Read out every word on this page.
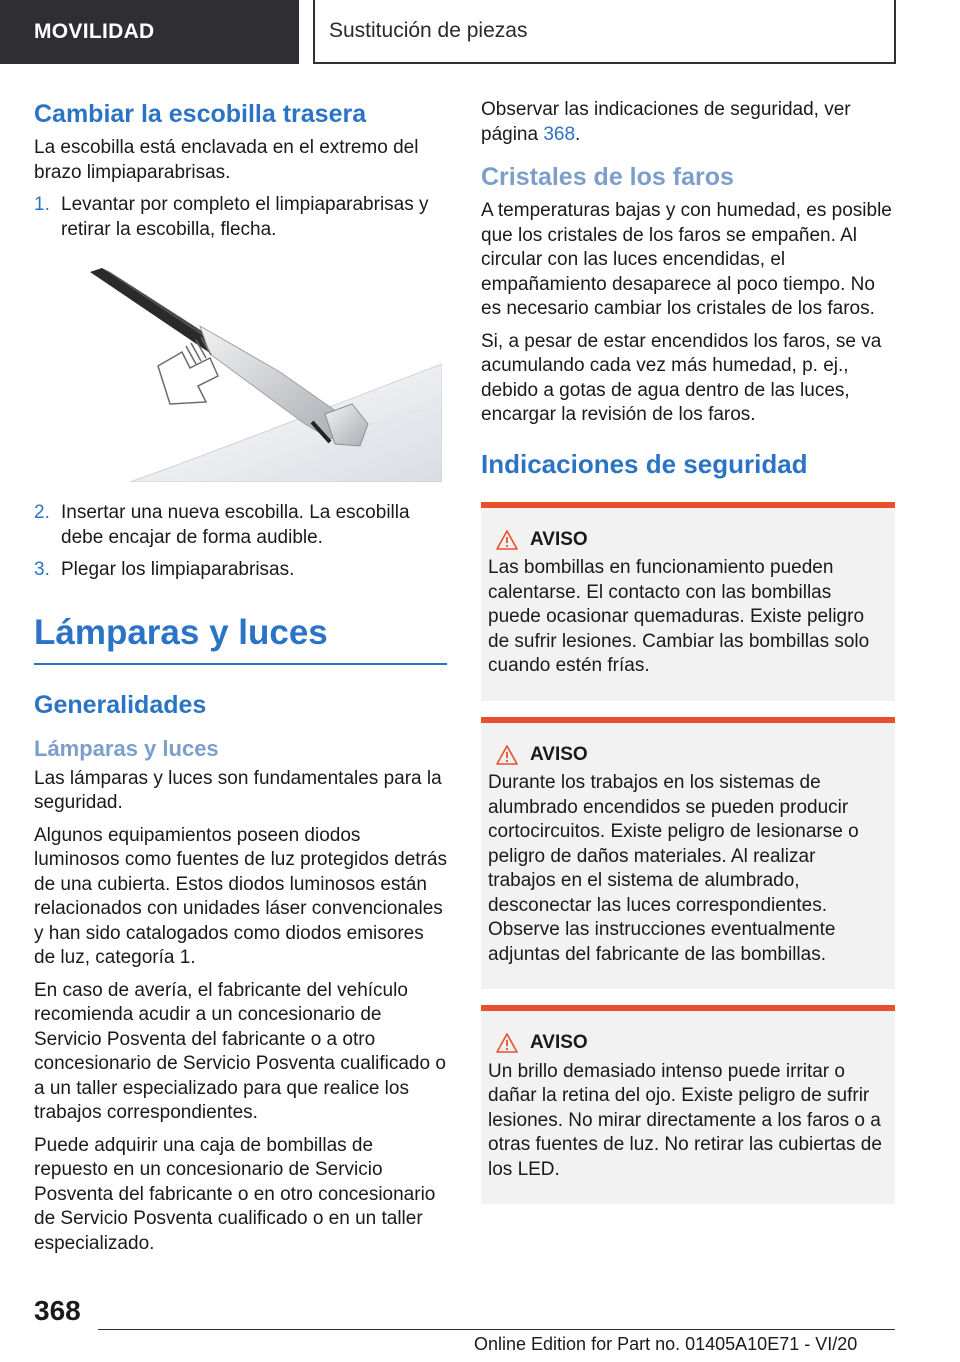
MOVILIDAD	Sustitución de piezas
Cambiar la escobilla trasera

La escobilla está enclavada en el extremo del brazo limpiaparabrisas.

1. Levantar por completo el limpiaparabrisas y retirar la escobilla, flecha.
2. Insertar una nueva escobilla. La escobilla debe encajar de forma audible.
3. Plegar los limpiaparabrisas.
Lámparas y luces
Generalidades
Lámparas y luces

Las lámparas y luces son fundamentales para la seguridad.

Algunos equipamientos poseen diodos luminosos como fuentes de luz protegidos detrás de una cubierta. Estos diodos luminosos están relacionados con unidades láser convencionales y han sido catalogados como diodos emisores de luz, categoría 1.

En caso de avería, el fabricante del vehículo recomienda acudir a un concesionario de Servicio Posventa del fabricante o a otro concesionario de Servicio Posventa cualificado o a un taller especializado para que realice los trabajos correspondientes.

Puede adquirir una caja de bombillas de repuesto en un concesionario de Servicio Posventa del fabricante o en otro concesionario de Servicio Posventa cualificado o en un taller especializado.

Observar las indicaciones de seguridad, ver página 368.

Cristales de los faros

A temperaturas bajas y con humedad, es posible que los cristales de los faros se empañen. Al circular con las luces encendidas, el empañamiento desaparece al poco tiempo. No es necesario cambiar los cristales de los faros.

Si, a pesar de estar encendidos los faros, se va acumulando cada vez más humedad, p. ej., debido a gotas de agua dentro de las luces, encargar la revisión de los faros.

Indicaciones de seguridad
AVISO
Las bombillas en funcionamiento pueden calentarse. El contacto con las bombillas puede ocasionar quemaduras. Existe peligro de sufrir lesiones. Cambiar las bombillas solo cuando estén frías.
AVISO
Durante los trabajos en los sistemas de alumbrado encendidos se pueden producir cortocircuitos. Existe peligro de lesionarse o peligro de daños materiales. Al realizar trabajos en el sistema de alumbrado, desconectar las luces correspondientes. Observe las instrucciones eventualmente adjuntas del fabricante de las bombillas.
AVISO
Un brillo demasiado intenso puede irritar o dañar la retina del ojo. Existe peligro de sufrir lesiones. No mirar directamente a los faros o a otras fuentes de luz. No retirar las cubiertas de los LED.
368
Online Edition for Part no. 01405A10E71 - VI/20
